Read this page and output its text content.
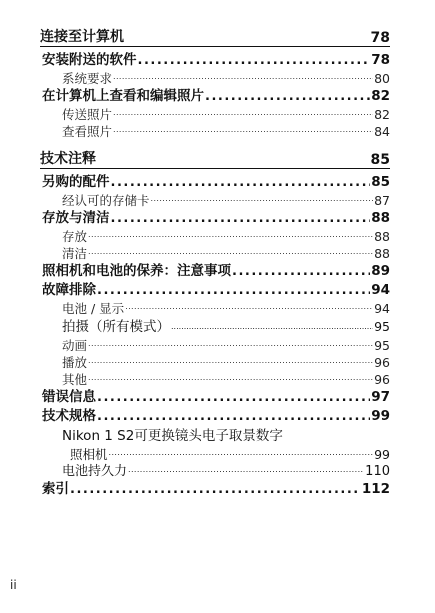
连接至计算机	78
安装附送的软件 .....	78
系统要求 .....	80
在计算机上查看和编辑照片 .....	82
传送照片 .....	82
查看照片 .....	84
技术注释	85
另购的配件 .....	85
经认可的存储卡 .....	87
存放与清洁 .....	88
存放 .....	88
清洁 .....	88
照相机和电池的保养：注意事项 .....	89
故障排除 .....	94
电池 / 显示 .....	94
拍摄（所有模式） .....	95
动画 .....	95
播放 .....	96
其他 .....	96
错误信息 .....	97
技术规格 .....	99
Nikon 1 S2可更换镜头电子取景数字
照相机 .....	99
电池持久力 .....	110
索引 .....	112
ii
